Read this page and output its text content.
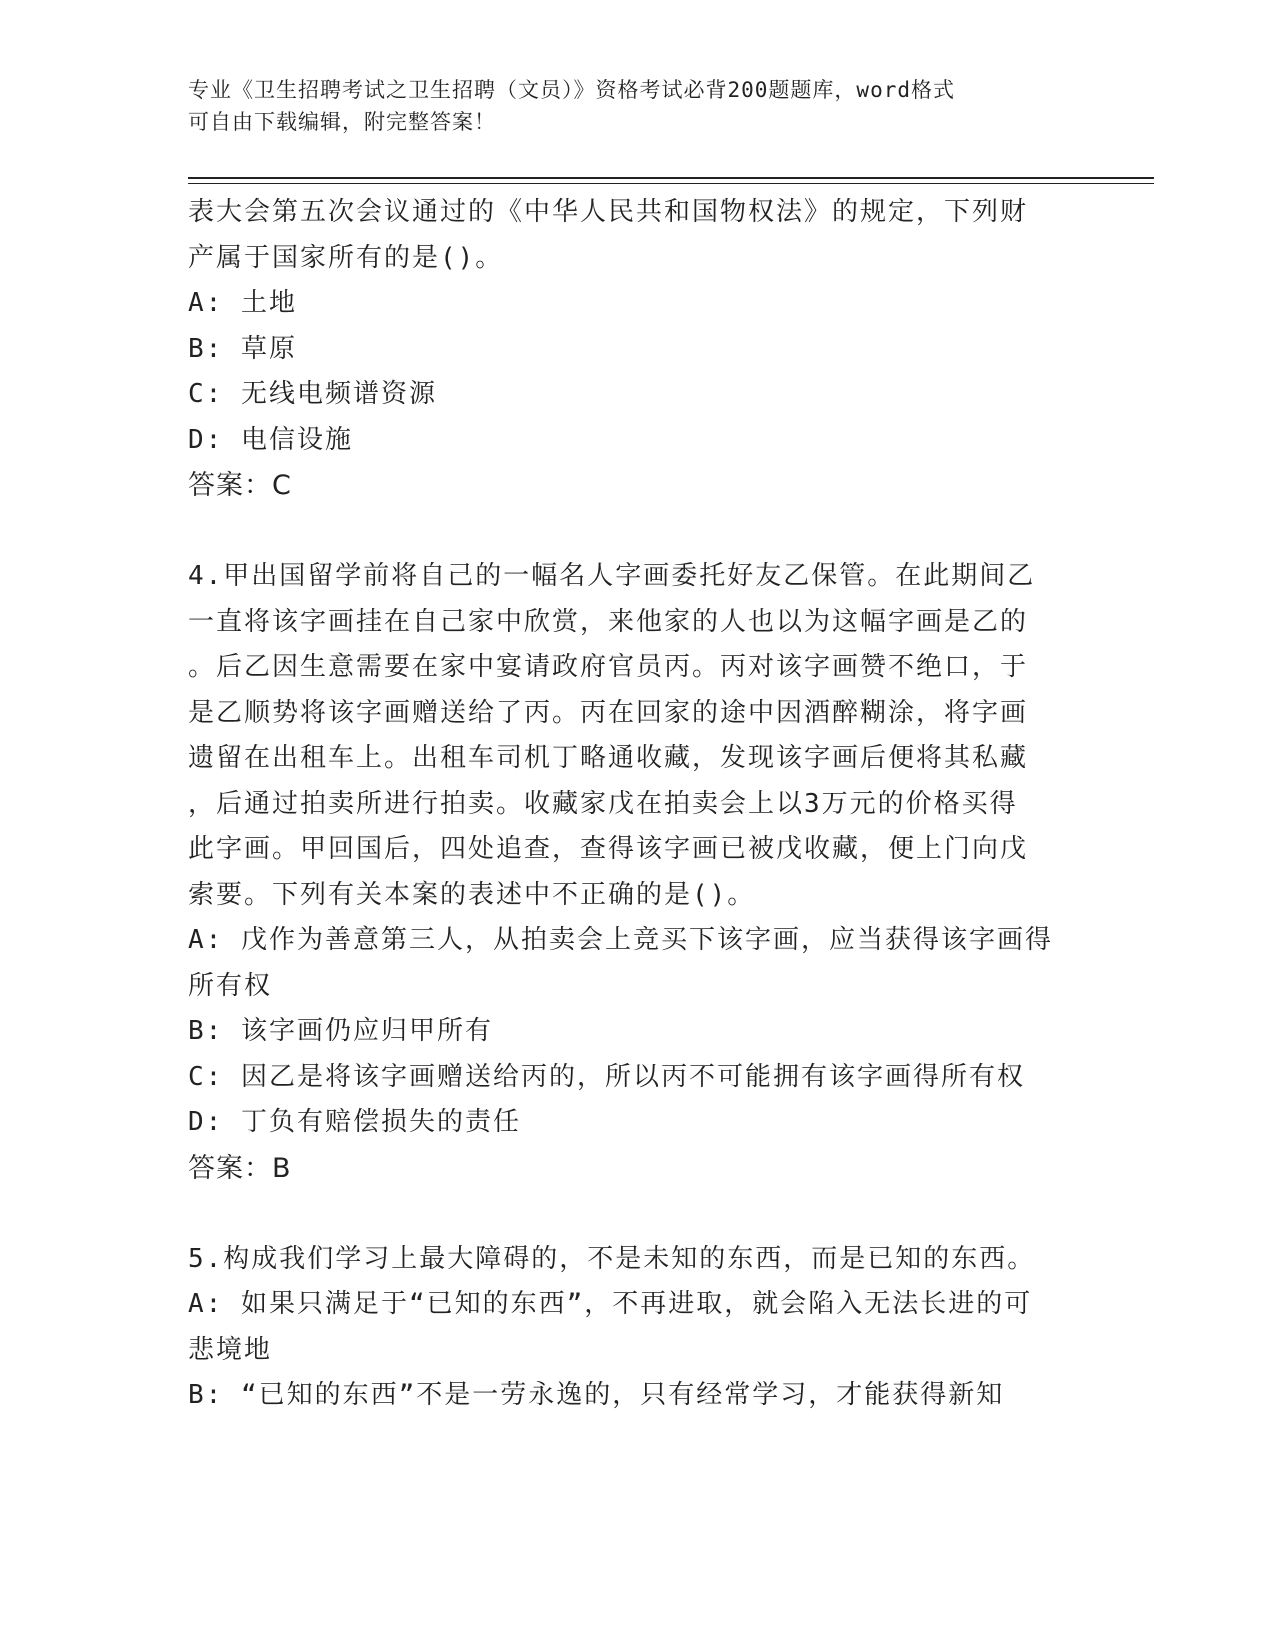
专业《卫生招聘考试之卫生招聘（文员）》资格考试必背200题题库，word格式
可自由下载编辑，附完整答案！

表大会第五次会议通过的《中华人民共和国物权法》的规定，下列财

产属于国家所有的是()。

A: 土地

B: 草原

C: 无线电频谱资源

D: 电信设施

答案：C

4.甲出国留学前将自己的一幅名人字画委托好友乙保管。在此期间乙

一直将该字画挂在自己家中欣赏，来他家的人也以为这幅字画是乙的

。后乙因生意需要在家中宴请政府官员丙。丙对该字画赞不绝口，于

是乙顺势将该字画赠送给了丙。丙在回家的途中因酒醉糊涂，将字画

遗留在出租车上。出租车司机丁略通收藏，发现该字画后便将其私藏

，后通过拍卖所进行拍卖。收藏家戊在拍卖会上以3万元的价格买得

此字画。甲回国后，四处追查，查得该字画已被戊收藏，便上门向戊

索要。下列有关本案的表述中不正确的是()。

A: 戊作为善意第三人，从拍卖会上竞买下该字画，应当获得该字画得

所有权

B: 该字画仍应归甲所有

C: 因乙是将该字画赠送给丙的，所以丙不可能拥有该字画得所有权

D: 丁负有赔偿损失的责任

答案：B

5.构成我们学习上最大障碍的，不是未知的东西，而是已知的东西。

A: 如果只满足于“已知的东西”，不再进取，就会陷入无法长进的可

悲境地

B: “已知的东西”不是一劳永逸的，只有经常学习，才能获得新知
